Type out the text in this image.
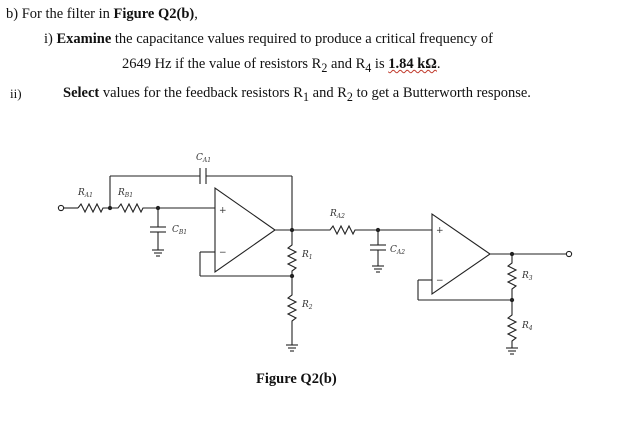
b) For the filter in Figure Q2(b),
i) Examine the capacitance values required to produce a critical frequency of
2649 Hz if the value of resistors $R_2$ and $R_4$ is 1.84 kΩ.
ii)	Select values for the feedback resistors $R_1$ and $R_2$ to get a Butterworth response.
$R_{A1}$	$R_{B1}$
$C_{A1}$
$C_{B1}$
$R_{A2}$
$C_{A2}$
$R_1$
$R_2$
$R_3$
$R_4$
+
−
+
−
Figure Q2(b)
